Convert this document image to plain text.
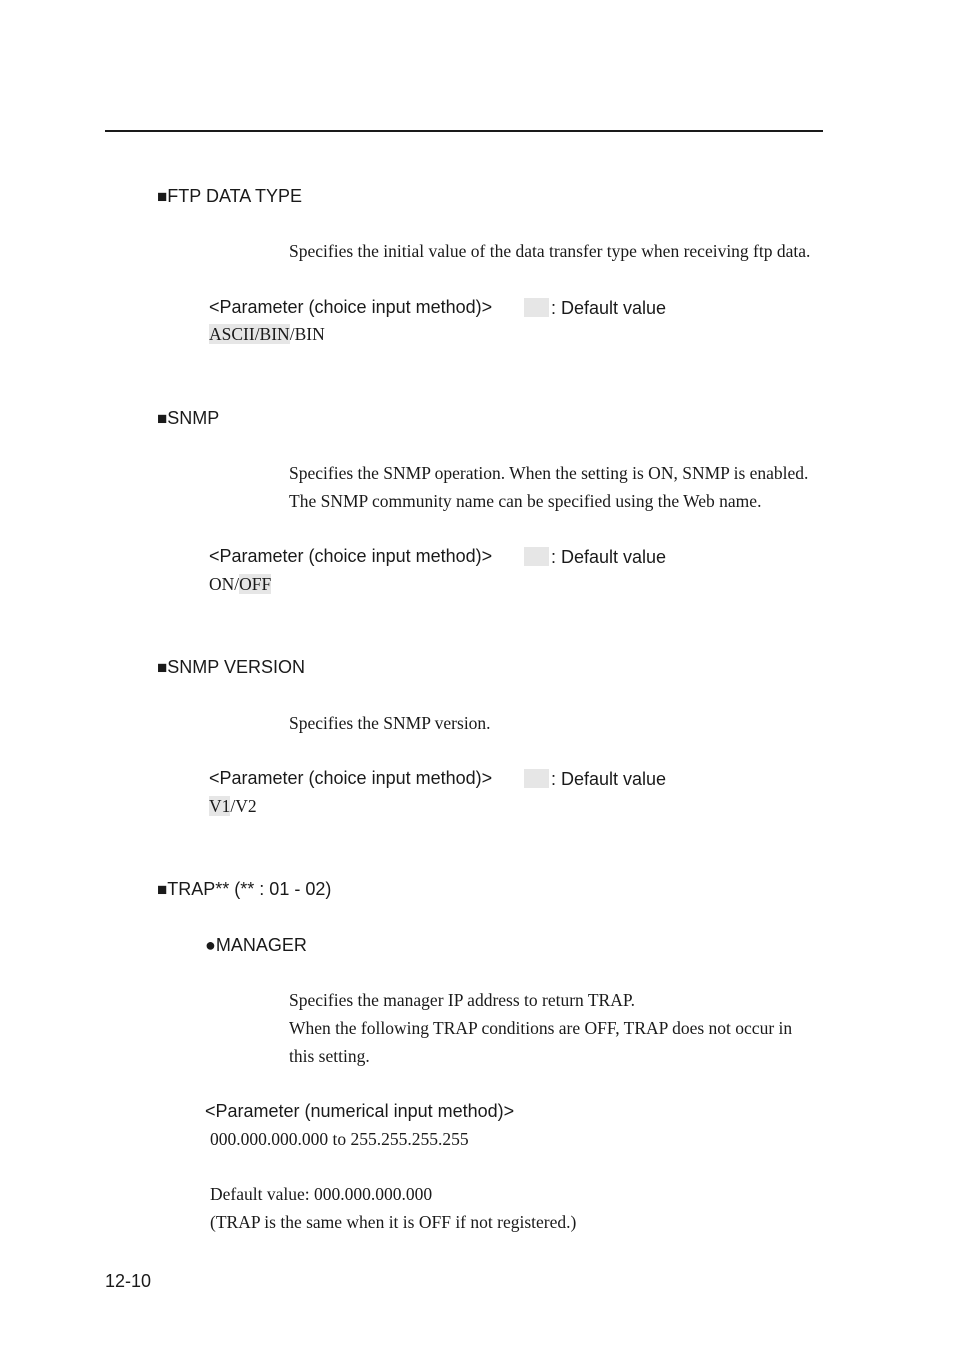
■FTP DATA TYPE
Specifies the initial value of the data transfer type when receiving ftp data.
<Parameter (choice input method)>	: Default value
ASCII/BIN/BIN
■SNMP
Specifies the SNMP operation. When the setting is ON, SNMP is enabled.
The SNMP community name can be specified using the Web name.
<Parameter (choice input method)>	: Default value
ON/OFF
■SNMP VERSION
Specifies the SNMP version.
<Parameter (choice input method)>	: Default value
V1/V2
■TRAP** (** : 01 - 02)
●MANAGER
Specifies the manager IP address to return TRAP.
When the following TRAP conditions are OFF, TRAP does not occur in
this setting.
<Parameter (numerical input method)>
000.000.000.000 to 255.255.255.255
Default value: 000.000.000.000
(TRAP is the same when it is OFF if not registered.)
12-10
